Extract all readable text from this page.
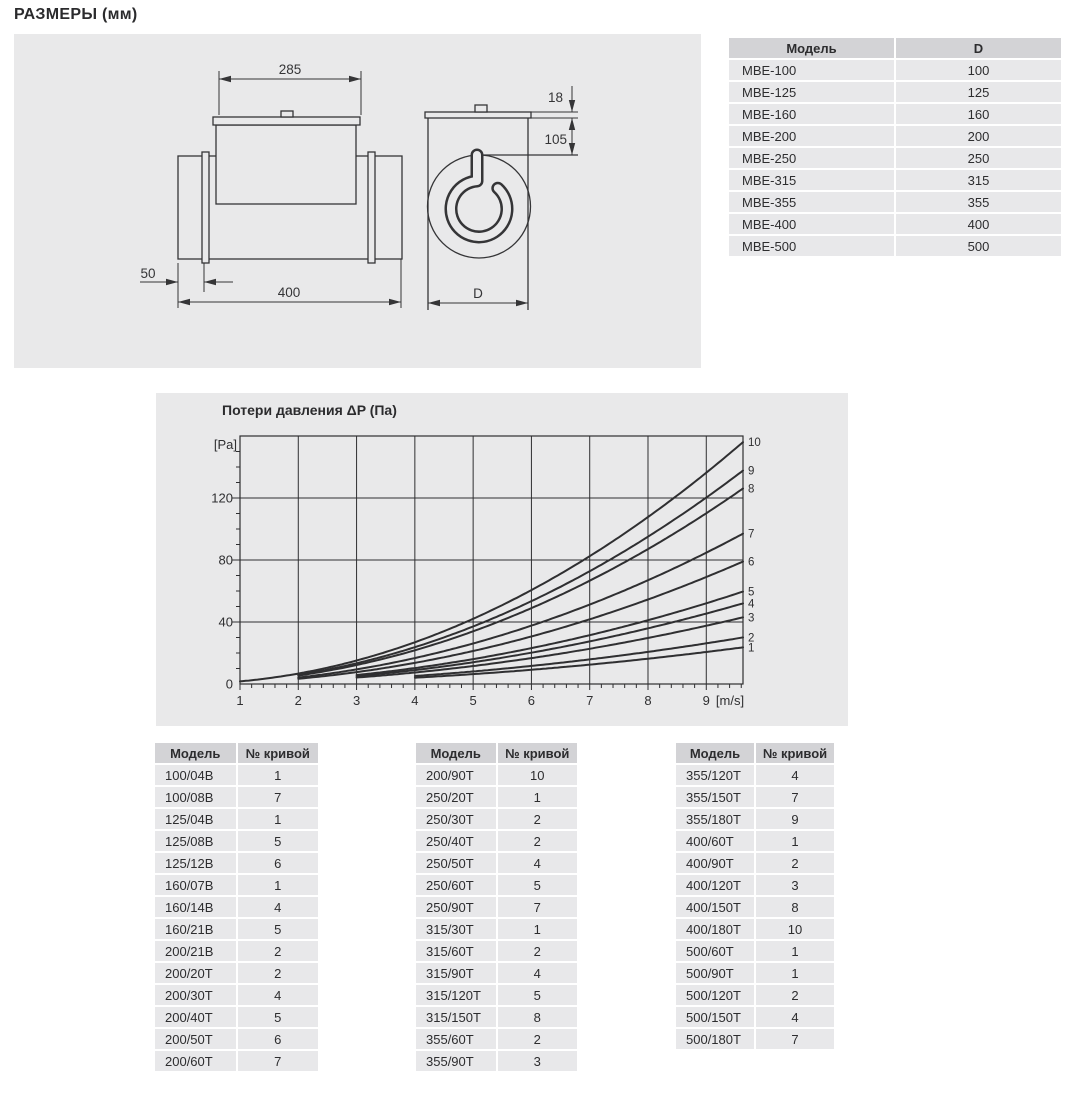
РАЗМЕРЫ (мм)
285
50
400
18
105
D
Модель	D
МВЕ-100	100
МВЕ-125	125
МВЕ-160	160
МВЕ-200	200
МВЕ-250	250
МВЕ-315	315
МВЕ-355	355
МВЕ-400	400
МВЕ-500	500
Потери давления ΔP (Па)
0
40
80
120
1	2	3	4	5	6	7	8	9
[Pa]
[m/s]
1
2
3
4
5
6
7
8
9
10
Модель	№ кривой
100/04В	1
100/08В	7
125/04В	1
125/08В	5
125/12В	6
160/07В	1
160/14В	4
160/21В	5
200/21В	2
200/20Т	2
200/30Т	4
200/40Т	5
200/50Т	6
200/60Т	7
Модель	№ кривой
200/90Т	10
250/20Т	1
250/30Т	2
250/40Т	2
250/50Т	4
250/60Т	5
250/90Т	7
315/30Т	1
315/60Т	2
315/90Т	4
315/120Т	5
315/150Т	8
355/60Т	2
355/90Т	3
Модель	№ кривой
355/120Т	4
355/150Т	7
355/180Т	9
400/60Т	1
400/90Т	2
400/120Т	3
400/150Т	8
400/180Т	10
500/60Т	1
500/90Т	1
500/120Т	2
500/150Т	4
500/180Т	7
